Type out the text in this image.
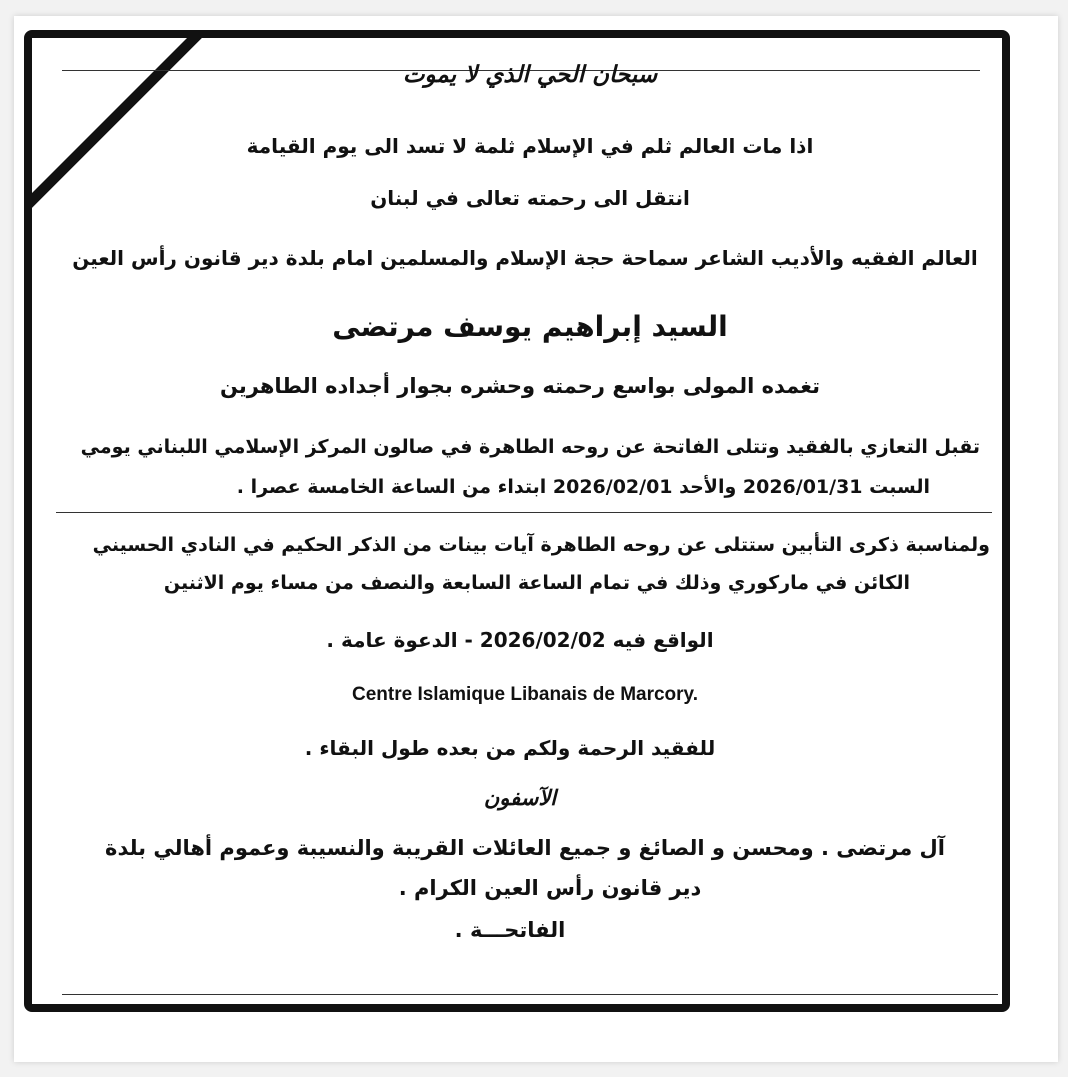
سبحان الحي الذي لا يموت
اذا مات العالم ثلم في الإسلام ثلمة لا تسد الى يوم القيامة
انتقل الى رحمته تعالى في لبنان
العالم الفقيه والأديب الشاعر سماحة حجة الإسلام والمسلمين امام بلدة دير قانون رأس العين
السيد إبراهيم يوسف مرتضى
تغمده المولى بواسع رحمته وحشره بجوار أجداده الطاهرين
تقبل التعازي بالفقيد وتتلى الفاتحة عن روحه الطاهرة في صالون المركز الإسلامي اللبناني يومي
السبت 2026/01/31 والأحد 2026/02/01 ابتداء من الساعة الخامسة عصرا .
ولمناسبة ذكرى التأبين ستتلى عن روحه الطاهرة آيات بينات من الذكر الحكيم في النادي الحسيني
الكائن في ماركوري وذلك في تمام الساعة السابعة والنصف من مساء يوم الاثنين
الواقع فيه 2026/02/02 - الدعوة عامة .
Centre Islamique Libanais de Marcory.
للفقيد الرحمة ولكم من بعده طول البقاء .
الآسفون
آل مرتضى . ومحسن و الصائغ و جميع العائلات القريبة والنسيبة وعموم أهالي بلدة
دير قانون رأس العين الكرام .
الفاتحـــة .
